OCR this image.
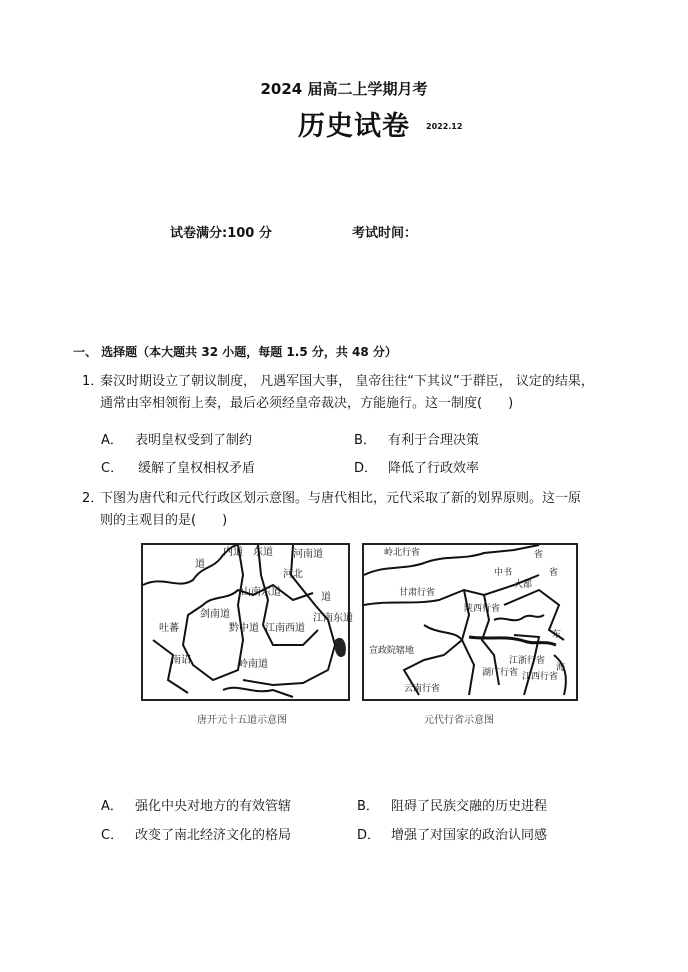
2024 届高二上学期月考
历史试卷 2022.12
试卷满分:100 分	考试时间：
一、 选择题（本大题共 32 小题，每题 1.5 分，共 48 分）
1．
秦汉时期设立了朝议制度， 凡遇军国大事， 皇帝往往“下其议”于群臣， 议定的结果，
通常由宰相领衔上奏，最后必须经皇帝裁决，方能施行。这一制度(　　)
A． 表明皇权受到了制约	B． 有利于合理决策
C． 缓解了皇权相权矛盾	D． 降低了行政效率
2．
下图为唐代和元代行政区划示意图。与唐代相比，元代采取了新的划界原则。这一原
则的主观目的是(　　)
内道 东道 河南道
河北
山南东道
道
道
吐蕃
剑南道
黔中道 江南西道
江南东道
南诏	岭南道
唐开元十五道示意图
岭北行省	省
中书
大都
甘肃行省
陕西行省
省
宣政院辖地
江浙行省
江西行省
湖广行省
云南行省
东
海
元代行省示意图
A． 强化中央对地方的有效管辖	B． 阻碍了民族交融的历史进程
C． 改变了南北经济文化的格局	D． 增强了对国家的政治认同感
